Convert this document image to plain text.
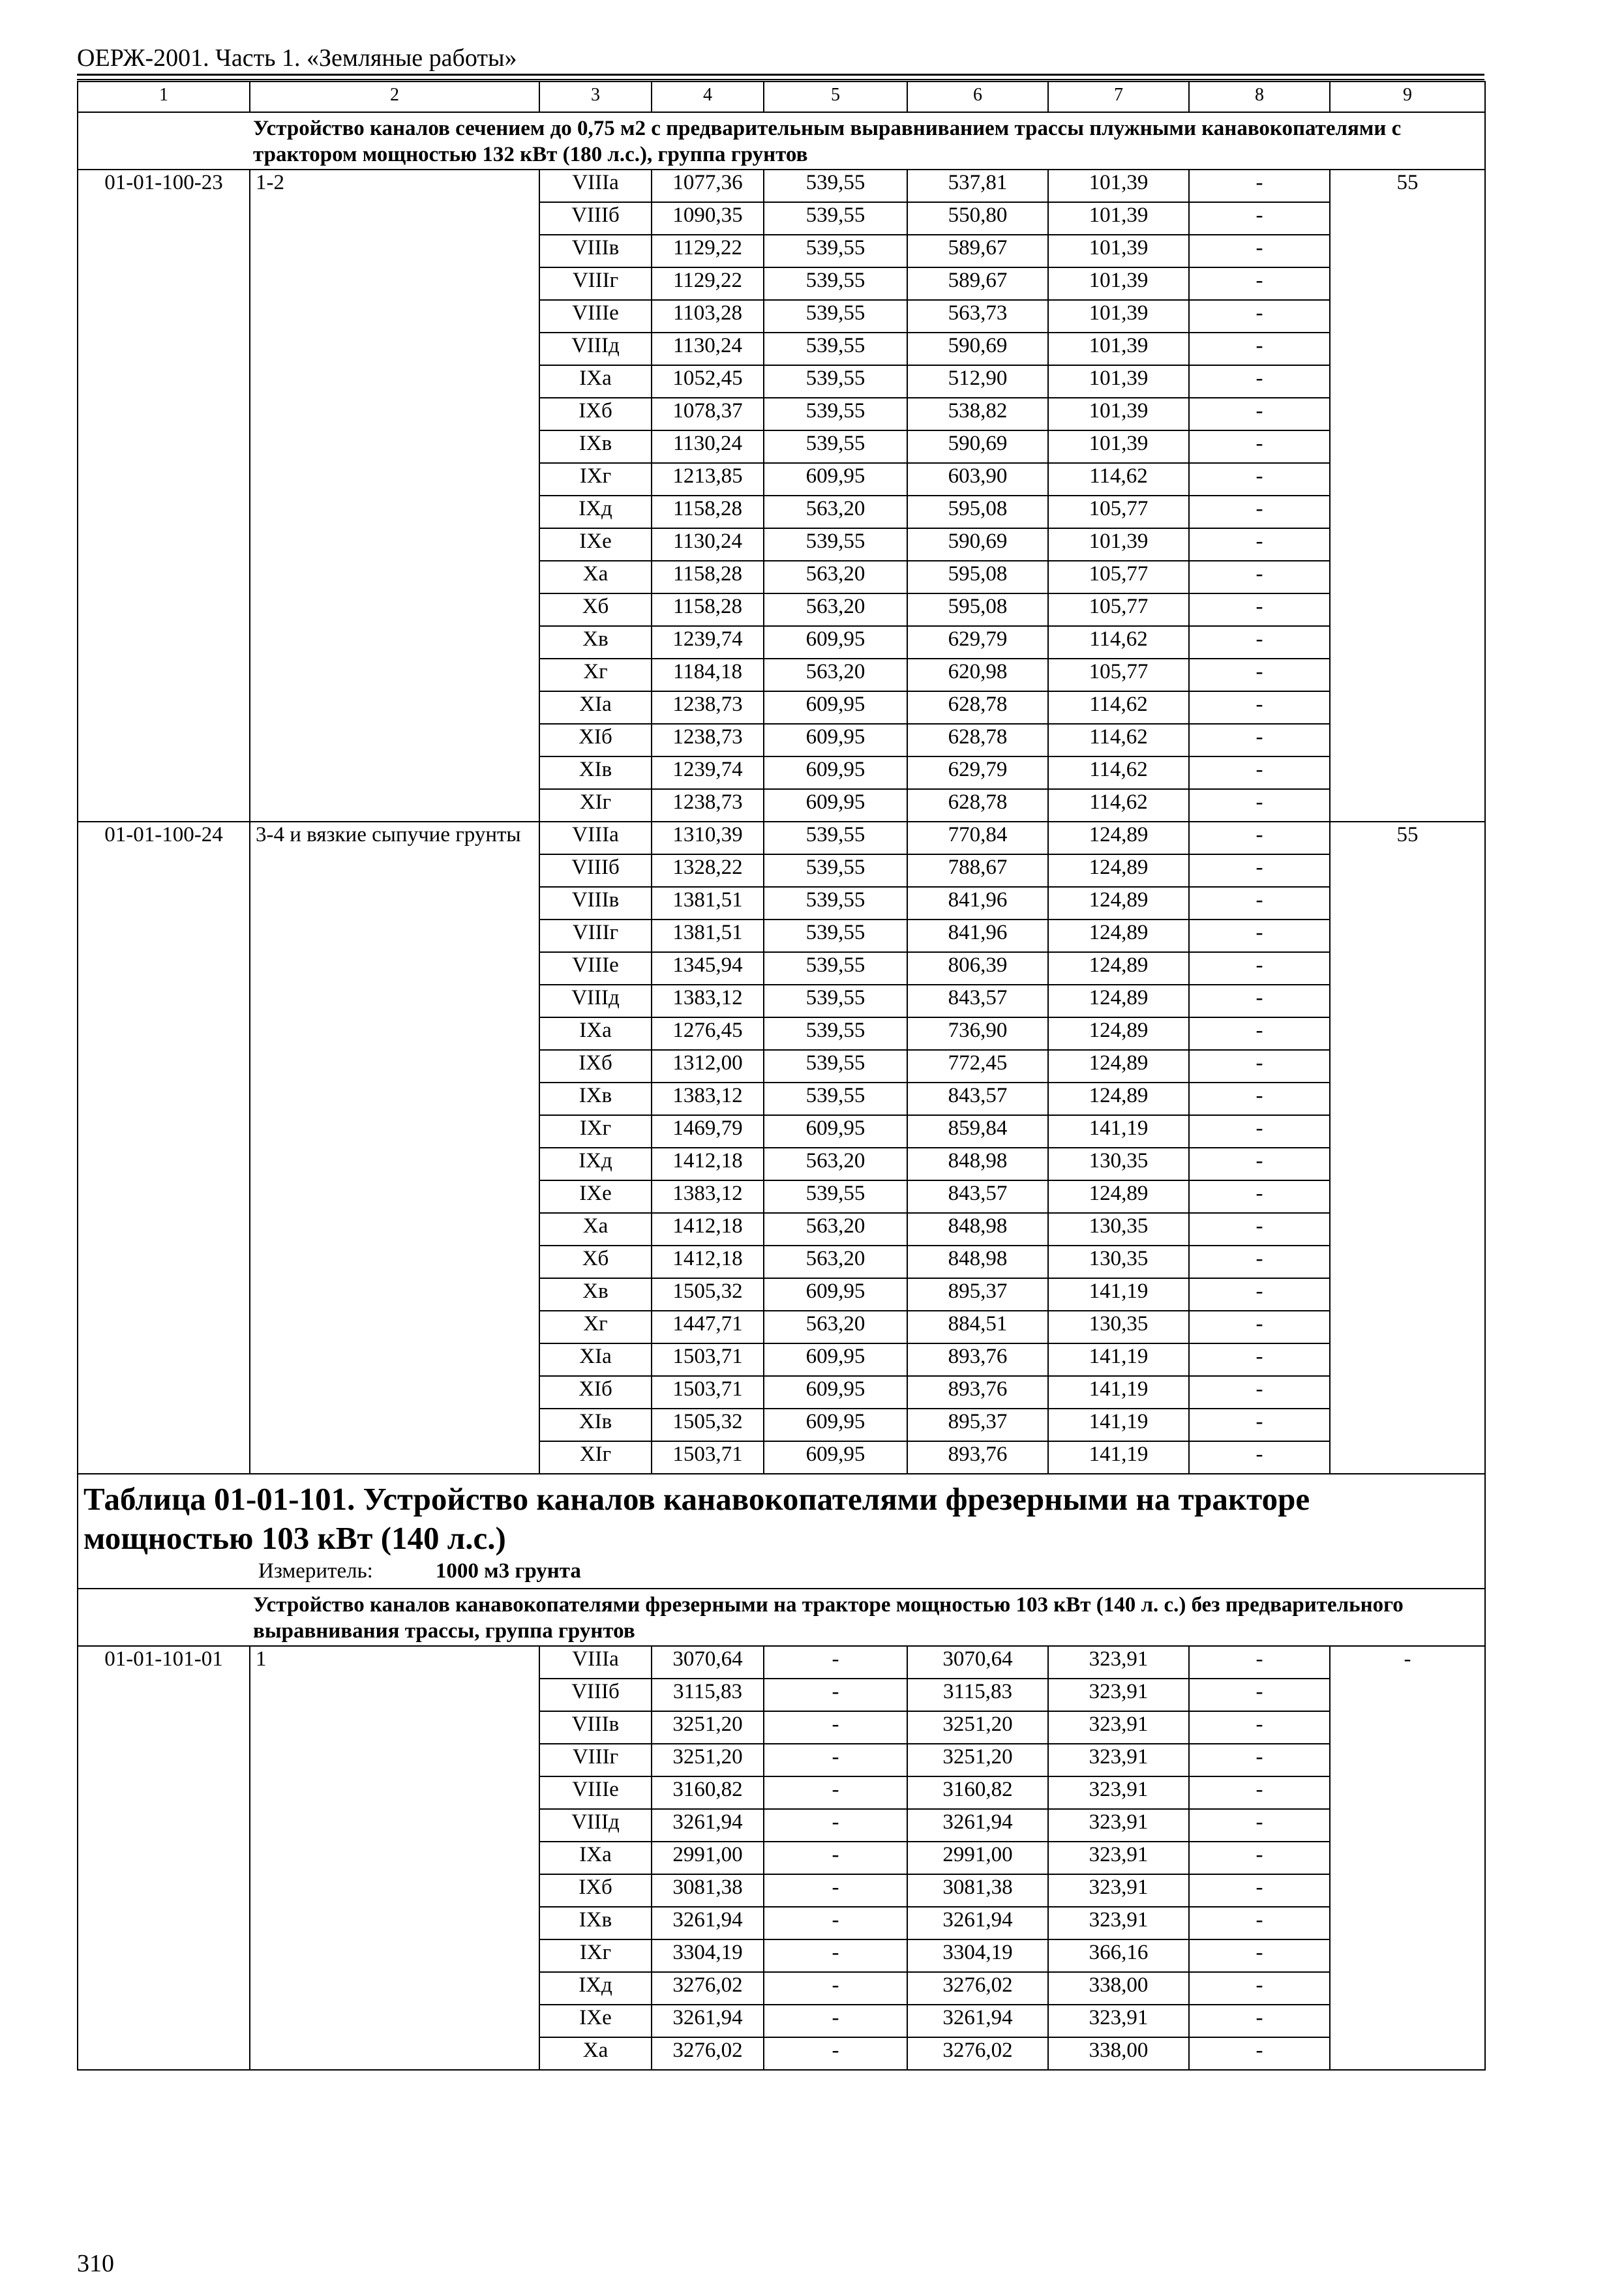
ОЕРЖ-2001. Часть 1. «Земляные работы»
1	2	3	4	5	6	7	8	9
Устройство каналов сечением до 0,75 м2 с предварительным выравниванием трассы плужными канавокопателями с трактором мощностью 132 кВт (180 л.с.), группа грунтов								
01-01-100-23	1-2	VIIIа	1077,36	539,55	537,81	101,39	-	55
		VIIIб	1090,35	539,55	550,80	101,39	-	
		VIIIв	1129,22	539,55	589,67	101,39	-	
		VIIIг	1129,22	539,55	589,67	101,39	-	
		VIIIе	1103,28	539,55	563,73	101,39	-	
		VIIIд	1130,24	539,55	590,69	101,39	-	
		IХа	1052,45	539,55	512,90	101,39	-	
		IХб	1078,37	539,55	538,82	101,39	-	
		IХв	1130,24	539,55	590,69	101,39	-	
		IХг	1213,85	609,95	603,90	114,62	-	
		IХд	1158,28	563,20	595,08	105,77	-	
		IХе	1130,24	539,55	590,69	101,39	-	
		Ха	1158,28	563,20	595,08	105,77	-	
		Хб	1158,28	563,20	595,08	105,77	-	
		Хв	1239,74	609,95	629,79	114,62	-	
		Хг	1184,18	563,20	620,98	105,77	-	
		ХIа	1238,73	609,95	628,78	114,62	-	
		ХIб	1238,73	609,95	628,78	114,62	-	
		ХIв	1239,74	609,95	629,79	114,62	-	
		ХIг	1238,73	609,95	628,78	114,62	-	
01-01-100-24	3-4 и вязкие сыпучие грунты	VIIIа	1310,39	539,55	770,84	124,89	-	55
		VIIIб	1328,22	539,55	788,67	124,89	-	
		VIIIв	1381,51	539,55	841,96	124,89	-	
		VIIIг	1381,51	539,55	841,96	124,89	-	
		VIIIе	1345,94	539,55	806,39	124,89	-	
		VIIIд	1383,12	539,55	843,57	124,89	-	
		IХа	1276,45	539,55	736,90	124,89	-	
		IХб	1312,00	539,55	772,45	124,89	-	
		IХв	1383,12	539,55	843,57	124,89	-	
		IХг	1469,79	609,95	859,84	141,19	-	
		IХд	1412,18	563,20	848,98	130,35	-	
		IХе	1383,12	539,55	843,57	124,89	-	
		Ха	1412,18	563,20	848,98	130,35	-	
		Хб	1412,18	563,20	848,98	130,35	-	
		Хв	1505,32	609,95	895,37	141,19	-	
		Хг	1447,71	563,20	884,51	130,35	-	
		ХIа	1503,71	609,95	893,76	141,19	-	
		ХIб	1503,71	609,95	893,76	141,19	-	
		ХIв	1505,32	609,95	895,37	141,19	-	
		ХIг	1503,71	609,95	893,76	141,19	-	

Таблица 01-01-101. Устройство каналов канавокопателями фрезерными на тракторе мощностью 103 кВт (140 л.с.)
Измеритель: 1000 м3 грунта								

Устройство каналов канавокопателями фрезерными на тракторе мощностью 103 кВт (140 л. с.) без предварительного выравнивания трассы, группа грунтов								
01-01-101-01	1	VIIIа	3070,64	-	3070,64	323,91	-	-
		VIIIб	3115,83	-	3115,83	323,91	-	
		VIIIв	3251,20	-	3251,20	323,91	-	
		VIIIг	3251,20	-	3251,20	323,91	-	
		VIIIе	3160,82	-	3160,82	323,91	-	
		VIIIд	3261,94	-	3261,94	323,91	-	
		IХа	2991,00	-	2991,00	323,91	-	
		IХб	3081,38	-	3081,38	323,91	-	
		IХв	3261,94	-	3261,94	323,91	-	
		IХг	3304,19	-	3304,19	366,16	-	
		IХд	3276,02	-	3276,02	338,00	-	
		IХе	3261,94	-	3261,94	323,91	-	
		Ха	3276,02	-	3276,02	338,00	-	
310
